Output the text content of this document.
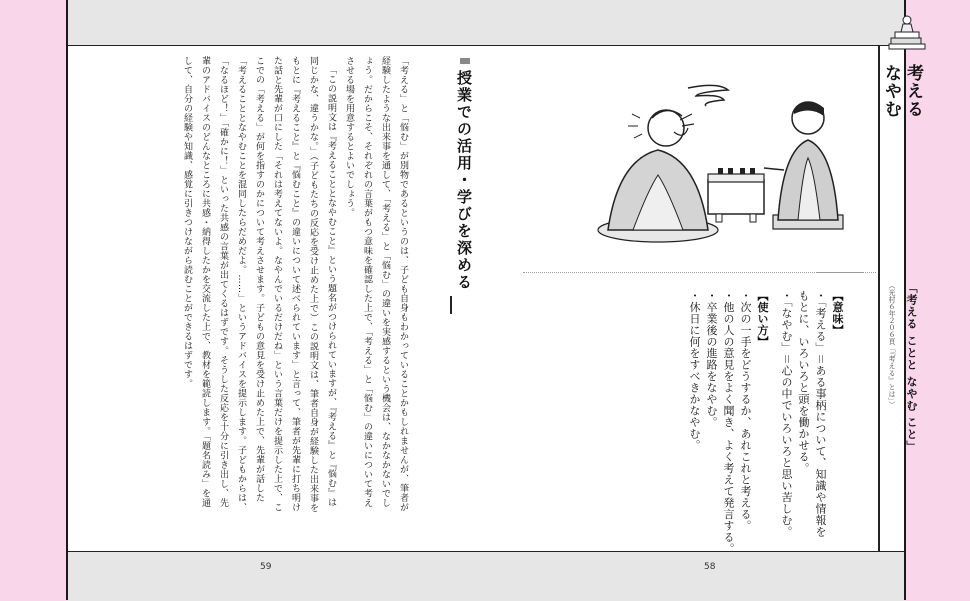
考える
なやむ
「考える ことと なやむ こと」
（光村６年２０６頁「『考える』とは」）
【意味】
・「考える」＝ある事柄について、知識や情報を
もとに、いろいろと頭を働かせる。
・「なやむ」＝心の中でいろいろと思い苦しむ。
【使い方】
・次の一手をどうするか、あれこれと考える。
・他の人の意見をよく聞き、よく考えて発言する。
・卒業後の進路をなやむ。
・休日に何をすべきかなやむ。
授業での活用・学びを深める

「考える」と「悩む」が別物であるというのは、子ども自身もわかっていることかもしれませんが、筆者が経験したような出来事を通して、「考える」と「悩む」の違いを実感するという機会は、なかなかないでしょう。だからこそ、それぞれの言葉がもつ意味を確認した上で、「考える」と「悩む」の違いについて考えさせる場を用意するとよいでしょう。

「この説明文は『考えることとなやむこと』という題名がつけられていますが、『考える』と『悩む』は同じかな、違うかな。」（子どもたちの反応を受け止めた上で）この説明文は、筆者自身が経験した出来事をもとに『考えること』と『悩むこと』の違いについて述べられています」と言って、筆者が先輩に打ち明けた話と先輩が口にした「それは考えてないよ。なやんでいるだけだね」という言葉だけを提示した上で、ここでの「考える」が何を指すのかについて考えさせます。子どもの意見を受け止めた上で、先輩が話した「考えることとなやむことを混同したらだめだよ。……」というアドバイスを提示します。子どもからは、「なるほど！」「確かに！」といった共感の言葉が出てくるはずです。そうした反応を十分に引き出し、先輩のアドバイスのどんなところに共感・納得したかを交流した上で、教材を範読します。「題名読み」を通して、自分の経験や知識、感覚に引きつけながら読むことができるはずです。

59	58
